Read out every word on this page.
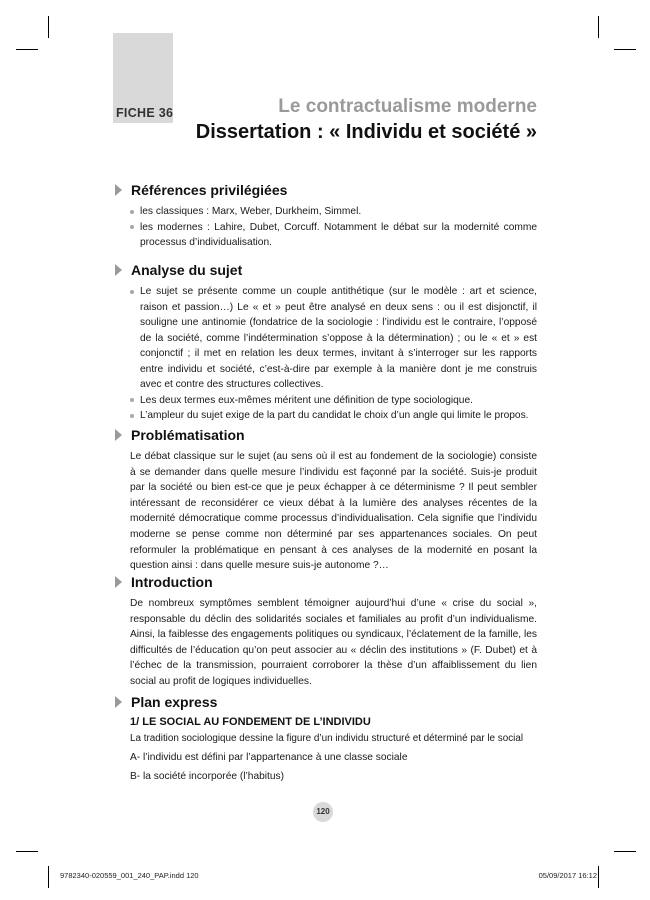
FICHE 36	Le contractualisme moderne
Dissertation : « Individu et société »
Références privilégiées
les classiques : Marx, Weber, Durkheim, Simmel.
les modernes : Lahire, Dubet, Corcuff. Notamment le débat sur la modernité comme processus d’individualisation.
Analyse du sujet
Le sujet se présente comme un couple antithétique (sur le modèle : art et science, raison et passion…) Le « et » peut être analysé en deux sens : ou il est disjonctif, il souligne une antinomie (fondatrice de la sociologie : l’individu est le contraire, l’opposé de la société, comme l’indétermination s’oppose à la détermination) ; ou le « et » est conjonctif ; il met en relation les deux termes, invitant à s’interroger sur les rapports entre individu et société, c’est-à-dire par exemple à la manière dont je me construis avec et contre des structures collectives.
Les deux termes eux-mêmes méritent une définition de type sociologique.
L’ampleur du sujet exige de la part du candidat le choix d’un angle qui limite le propos.
Problématisation

Le débat classique sur le sujet (au sens où il est au fondement de la sociologie) consiste à se demander dans quelle mesure l’individu est façonné par la société. Suis-je produit par la société ou bien est-ce que je peux échapper à ce déterminisme ? Il peut sembler intéressant de reconsidérer ce vieux débat à la lumière des analyses récentes de la modernité démocratique comme processus d’individualisation. Cela signifie que l’individu moderne se pense comme non déterminé par ses appartenances sociales. On peut reformuler la problématique en pensant à ces analyses de la modernité en posant la question ainsi : dans quelle mesure suis-je autonome ?…

Introduction

De nombreux symptômes semblent témoigner aujourd’hui d’une « crise du social », responsable du déclin des solidarités sociales et familiales au profit d’un individualisme. Ainsi, la faiblesse des engagements politiques ou syndicaux, l’éclatement de la famille, les difficultés de l’éducation qu’on peut associer au « déclin des institutions » (F. Dubet) et à l’échec de la transmission, pourraient corroborer la thèse d’un affaiblissement du lien social au profit de logiques individuelles.

Plan express
1/ LE SOCIAL AU FONDEMENT DE L’INDIVIDU
La tradition sociologique dessine la figure d’un individu structuré et déterminé par le social
A- l’individu est défini par l’appartenance à une classe sociale
B- la société incorporée (l’habitus)
120
9782340-020559_001_240_PAP.indd 120	05/09/2017 16:12
